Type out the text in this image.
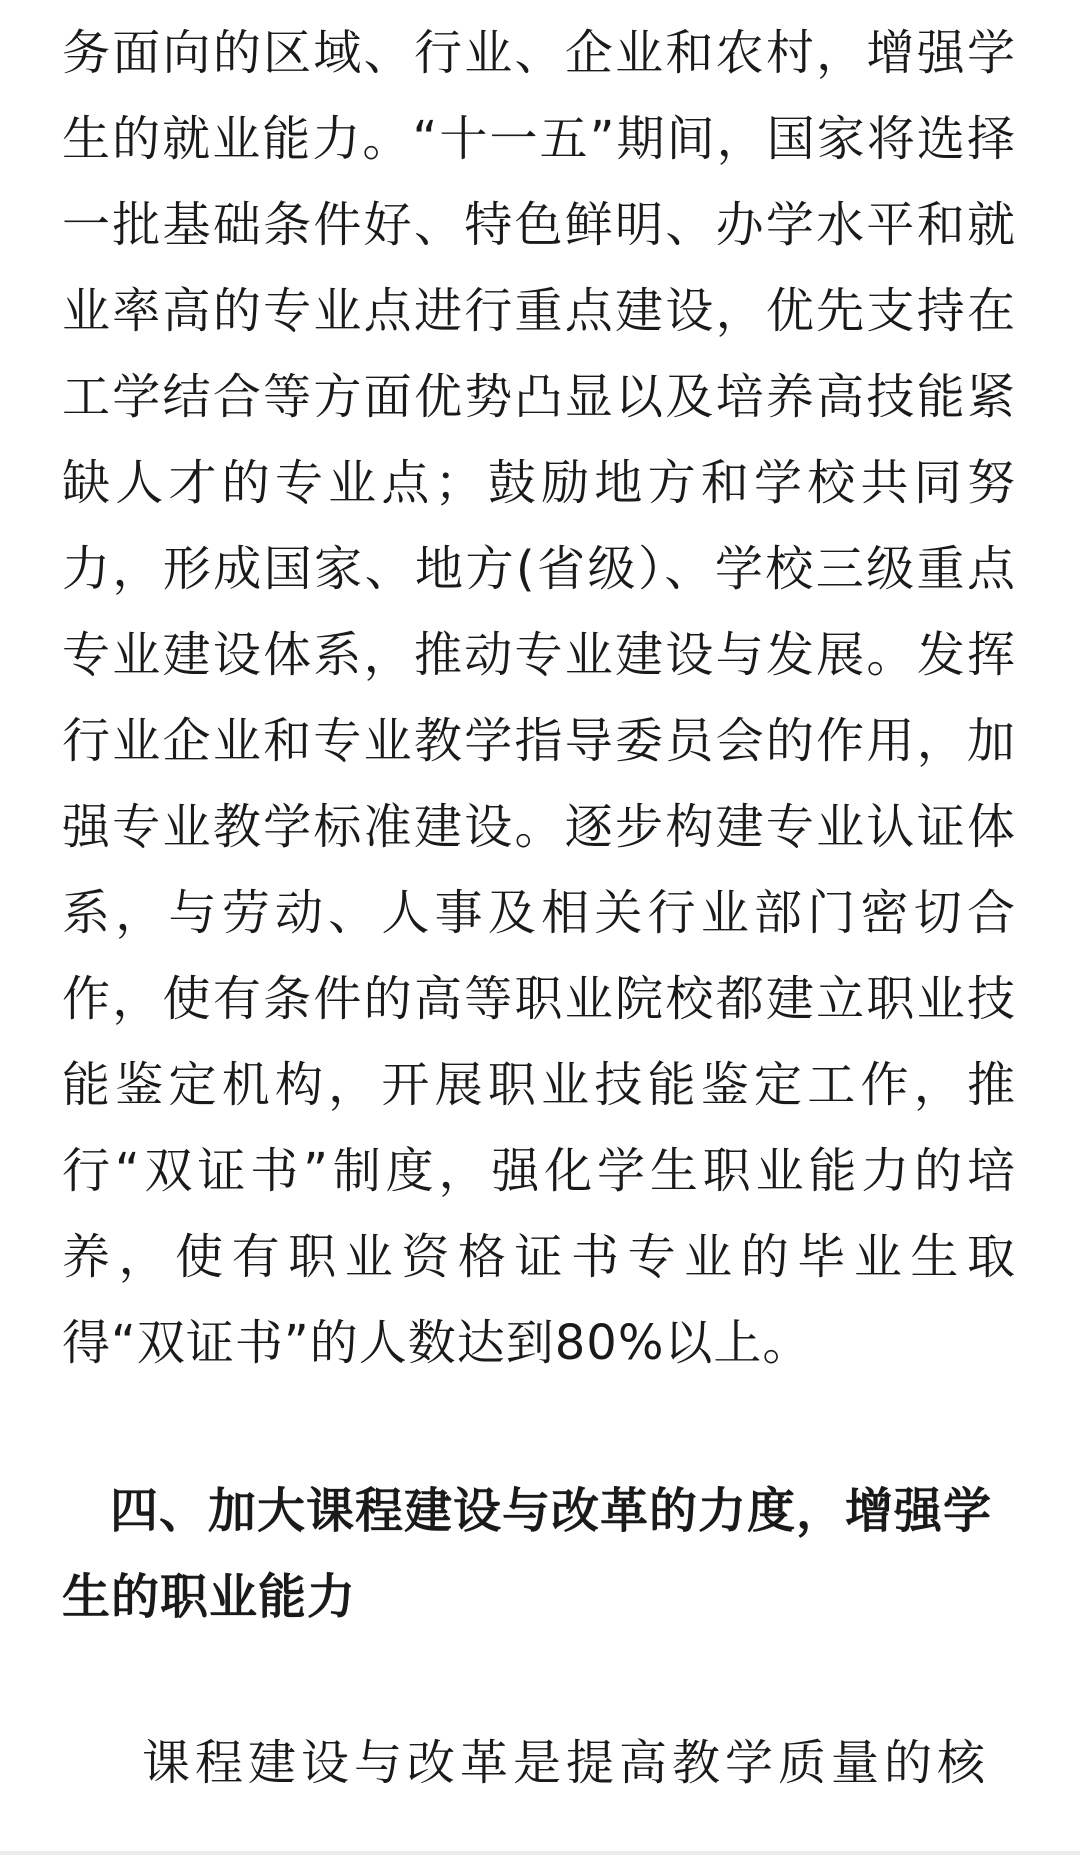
务面向的区域、行业、企业和农村，增强学生的就业能力。“十一五”期间，国家将选择一批基础条件好、特色鲜明、办学水平和就业率高的专业点进行重点建设，优先支持在工学结合等方面优势凸显以及培养高技能紧缺人才的专业点；鼓励地方和学校共同努力，形成国家、地方(省级）、学校三级重点专业建设体系，推动专业建设与发展。发挥行业企业和专业教学指导委员会的作用，加强专业教学标准建设。逐步构建专业认证体系，与劳动、人事及相关行业部门密切合作，使有条件的高等职业院校都建立职业技能鉴定机构，开展职业技能鉴定工作，推行“双证书”制度，强化学生职业能力的培养，使有职业资格证书专业的毕业生取得“双证书”的人数达到80%以上。

四、加大课程建设与改革的力度，增强学生的职业能力

课程建设与改革是提高教学质量的核
